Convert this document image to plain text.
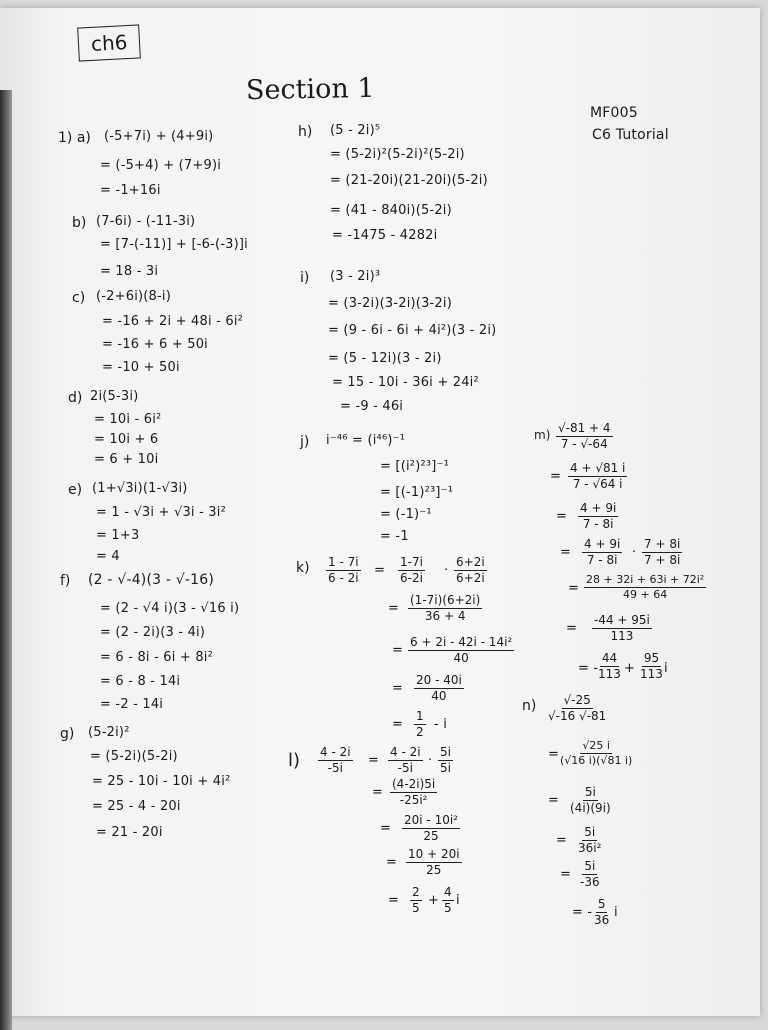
ch6
Section 1
MF005
C6 Tutorial
1) a) (-5+7i) + (4+9i)
= (-5+4) + (7+9)i
= -1+16i
b) (7-6i) - (-11-3i)
= [7-(-11)] + [-6-(-3)]i
= 18 - 3i
c) (-2+6i)(8-i)
= -16 + 2i + 48i - 6i²
= -16 + 6 + 50i
= -10 + 50i
d) 2i(5-3i)
= 10i - 6i²
= 10i + 6
= 6 + 10i
e) (1+√3i)(1-√3i)
= 1 - √3i + √3i - 3i²
= 1+3
= 4
f) (2 - √-4)(3 - √-16)
= (2 - √4 i)(3 - √16 i)
= (2 - 2i)(3 - 4i)
= 6 - 8i - 6i + 8i²
= 6 - 8 - 14i
= -2 - 14i
g) (5-2i)²
= (5-2i)(5-2i)
= 25 - 10i - 10i + 4i²
= 25 - 4 - 20i
= 21 - 20i
h) (5 - 2i)⁵
= (5-2i)²(5-2i)²(5-2i)
= (21-20i)(21-20i)(5-2i)
= (41 - 840i)(5-2i)
= -1475 - 4282i
i) (3 - 2i)³
= (3-2i)(3-2i)(3-2i)
= (9 - 6i - 6i + 4i²)(3 - 2i)
= (5 - 12i)(3 - 2i)
= 15 - 10i - 36i + 24i²
= -9 - 46i
j) i⁻⁴⁶ = (i⁴⁶)⁻¹
= [(i²)²³]⁻¹
= [(-1)²³]⁻¹
= (-1)⁻¹
= -1
$k) \frac{1 - 7i}{6 - 2i} = \frac{1-7i}{6-2i} \cdot \frac{6+2i}{6+2i}$
= $\frac{(1-7i)(6+2i)}{36 + 4}$
= $\frac{\text{6 + 2i - 42i - 14i²}}{40}$
= $\frac{20 - 40i}{40}$
= $\frac{1}{2}$ - i
$l) \frac{4 - 2i}{-5i} = \frac{4 - 2i}{-5i} \cdot \frac{5i}{5i}$
= $\frac{(4-2i)5i}{\text{-25i²}}$
= $\frac{\text{20i - 10i²}}{25}$
= $\frac{10 + 20i}{25}$
= $\frac{2}{5} + \frac{4}{5}$ i
$m) \frac{√-81 + 4}{7 - √-64}$
= $\frac{4 + √81 i}{7 - √64 i}$
= $\frac{4 + 9i}{7 - 8i}$
= $\frac{4 + 9i}{7 - 8i} \cdot \frac{7 + 8i}{7 + 8i}$
= $\frac{\text{28 + 32i + 63i + 72i²}}{49 + 64}$
= $\frac{-44 + 95i}{113}$
= -
$\frac{44}{113} + \frac{95}{113}$ i
$n) \frac{√-25}{√-16 √-81}$
=
$\frac{√25 i}{(√16 i)(√81 i)}$
= $\frac{5i}{(4i)(9i)}$
= $\frac{5i}{\text{36i²}}$
= $\frac{5i}{-36}$
= - $\frac{5}{36}$ i
